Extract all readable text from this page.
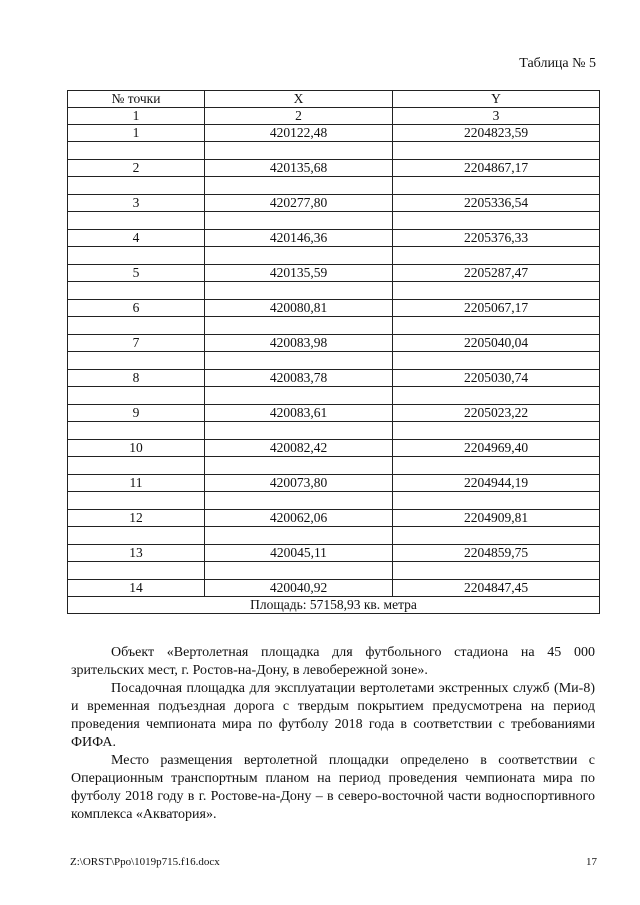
Таблица № 5
№ точки	X	Y
1	2	3
1	420122,48	2204823,59

2	420135,68	2204867,17

3	420277,80	2205336,54

4	420146,36	2205376,33

5	420135,59	2205287,47

6	420080,81	2205067,17

7	420083,98	2205040,04

8	420083,78	2205030,74

9	420083,61	2205023,22

10	420082,42	2204969,40

11	420073,80	2204944,19

12	420062,06	2204909,81

13	420045,11	2204859,75

14	420040,92	2204847,45
Площадь: 57158,93 кв. метра		

Объект «Вертолетная площадка для футбольного стадиона на 45 000 зрительских мест, г. Ростов-на-Дону, в левобережной зоне».

Посадочная площадка для эксплуатации вертолетами экстренных служб (Ми-8) и временная подъездная дорога с твердым покрытием предусмотрена на период проведения чемпионата мира по футболу 2018 года в соответствии с требованиями ФИФА.

Место размещения вертолетной площадки определено в соответствии с Операционным транспортным планом на период проведения чемпионата мира по футболу 2018 году в г. Ростове-на-Дону – в северо-восточной части водноспортивного комплекса «Акватория».

Z:\ORST\Ppo\1019p715.f16.docx	17
